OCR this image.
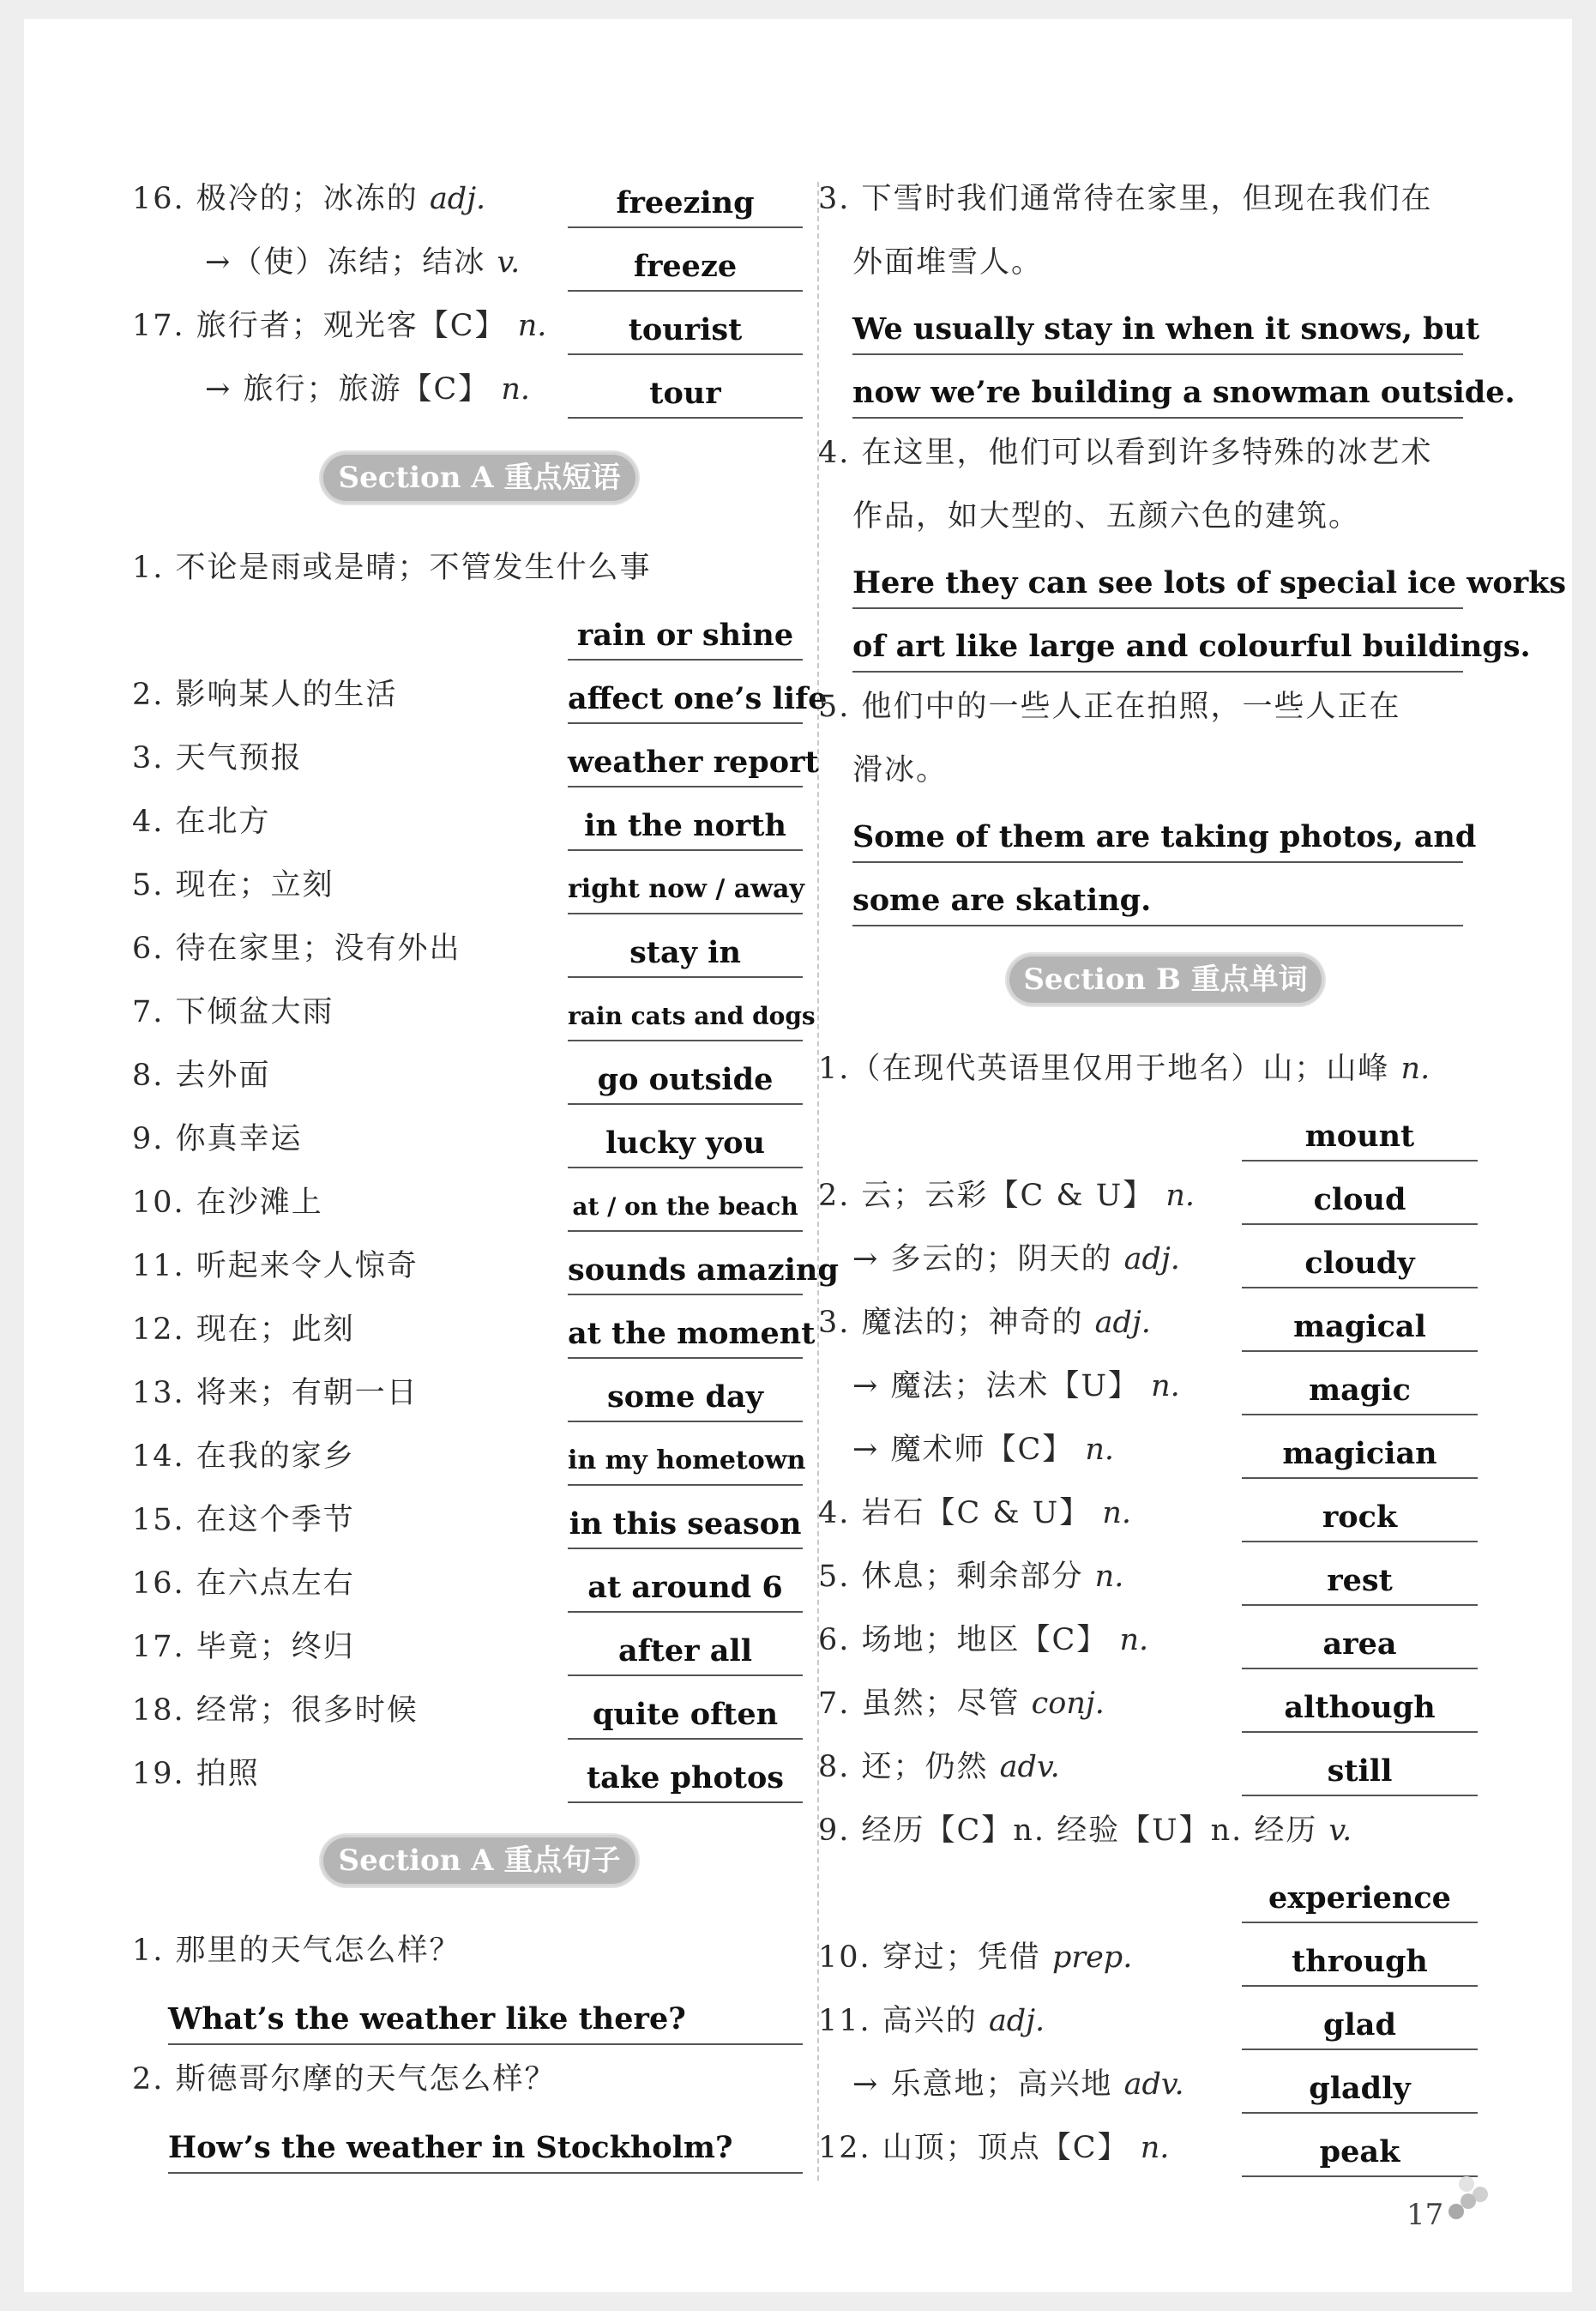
16. 极冷的；冰冻的 adj.	freezing
→（使）冻结；结冰 v.	freeze
17. 旅行者；观光客【C】 n.	tourist
→ 旅行；旅游【C】 n.	tour
Section A 重点短语
1. 不论是雨或是晴；不管发生什么事
rain or shine
2. 影响某人的生活	affect one’s life
3. 天气预报	weather report
4. 在北方	in the north
5. 现在；立刻	right now / away
6. 待在家里；没有外出	stay in
7. 下倾盆大雨	rain cats and dogs
8. 去外面	go outside
9. 你真幸运	lucky you
10. 在沙滩上	at / on the beach
11. 听起来令人惊奇	sounds amazing
12. 现在；此刻	at the moment
13. 将来；有朝一日	some day
14. 在我的家乡	in my hometown
15. 在这个季节	in this season
16. 在六点左右	at around 6
17. 毕竟；终归	after all
18. 经常；很多时候	quite often
19. 拍照	take photos
Section A 重点句子
1. 那里的天气怎么样？
What’s the weather like there?
2. 斯德哥尔摩的天气怎么样？
How’s the weather in Stockholm?
3. 下雪时我们通常待在家里，但现在我们在
外面堆雪人。
We usually stay in when it snows, but
now we’re building a snowman outside.
4. 在这里，他们可以看到许多特殊的冰艺术
作品，如大型的、五颜六色的建筑。
Here they can see lots of special ice works
of art like large and colourful buildings.
5. 他们中的一些人正在拍照，一些人正在
滑冰。
Some of them are taking photos, and
some are skating.
Section B 重点单词
1.（在现代英语里仅用于地名）山；山峰 n.
mount
2. 云；云彩【C & U】 n.	cloud
→ 多云的；阴天的 adj.	cloudy
3. 魔法的；神奇的 adj.	magical
→ 魔法；法术【U】 n.	magic
→ 魔术师【C】 n.	magician
4. 岩石【C & U】 n.	rock
5. 休息；剩余部分 n.	rest
6. 场地；地区【C】 n.	area
7. 虽然；尽管 conj.	although
8. 还；仍然 adv.	still
9. 经历【C】n. 经验【U】n. 经历 v.
experience
10. 穿过；凭借 prep.	through
11. 高兴的 adj.	glad
→ 乐意地；高兴地 adv.	gladly
12. 山顶；顶点【C】 n.	peak
17
